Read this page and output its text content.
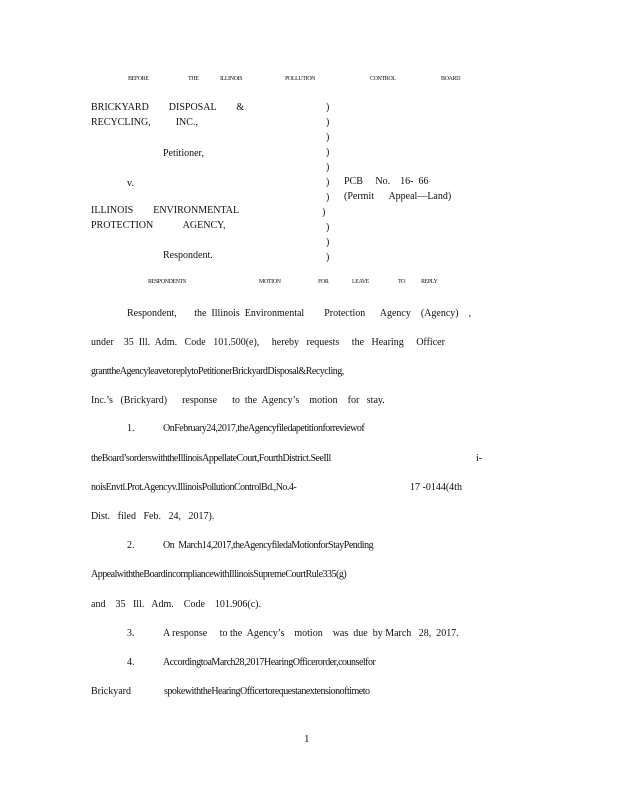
BEFORE	THE	ILLINOIS	POLLUTION	CONTROL	BOARD
BRICKYARD        DISPOSAL        &
RECYCLING,          INC.,
Petitioner,
v.	PCB     No.    16-  66
(Permit      Appeal—Land)
ILLINOIS        ENVIRONMENTAL
PROTECTION            AGENCY,
Respondent.
)
)
)
)
)
)
)
)
)
)
)
RESPONDENTS	MOTION	FOR	LEAVE	TO	REPLY
Respondent,       the  Illinois  Environmental        Protection      Agency    (Agency)    ,
under    35  Ill.  Adm.   Code   101.500(e),     hereby   requests     the   Hearing     Officer
granttheAgencyleavetoreplytoPetitionerBrickyardDisposal&Recycling,
Inc.’s   (Brickyard)      response      to  the  Agency’s    motion    for   stay.
1.	OnFebruary24,2017,theAgencyfiledapetitionforreviewof
theBoard’sorderswiththeIllinoisAppellateCourt,FourthDistrict.SeeIll	i-
noisEnvtl.Prot.Agencyv.IllinoisPollutionControlBd.,No.4-	17 -0144(4th
Dist.   filed   Feb.   24,   2017).
2.	On  March14,2017,theAgencyfiledaMotionforStayPending
AppealwiththeBoardincompliancewithIllinoisSupremeCourtRule335(g)
and    35   Ill.   Adm.    Code    101.906(c).
3.	A response     to the  Agency’s    motion    was  due  by March   28,  2017.
4.	AccordingtoaMarch28,2017HearingOfficerorder,counselfor
Brickyard	spokewiththeHearingOfficertorequestanextensionoftimeto
1
